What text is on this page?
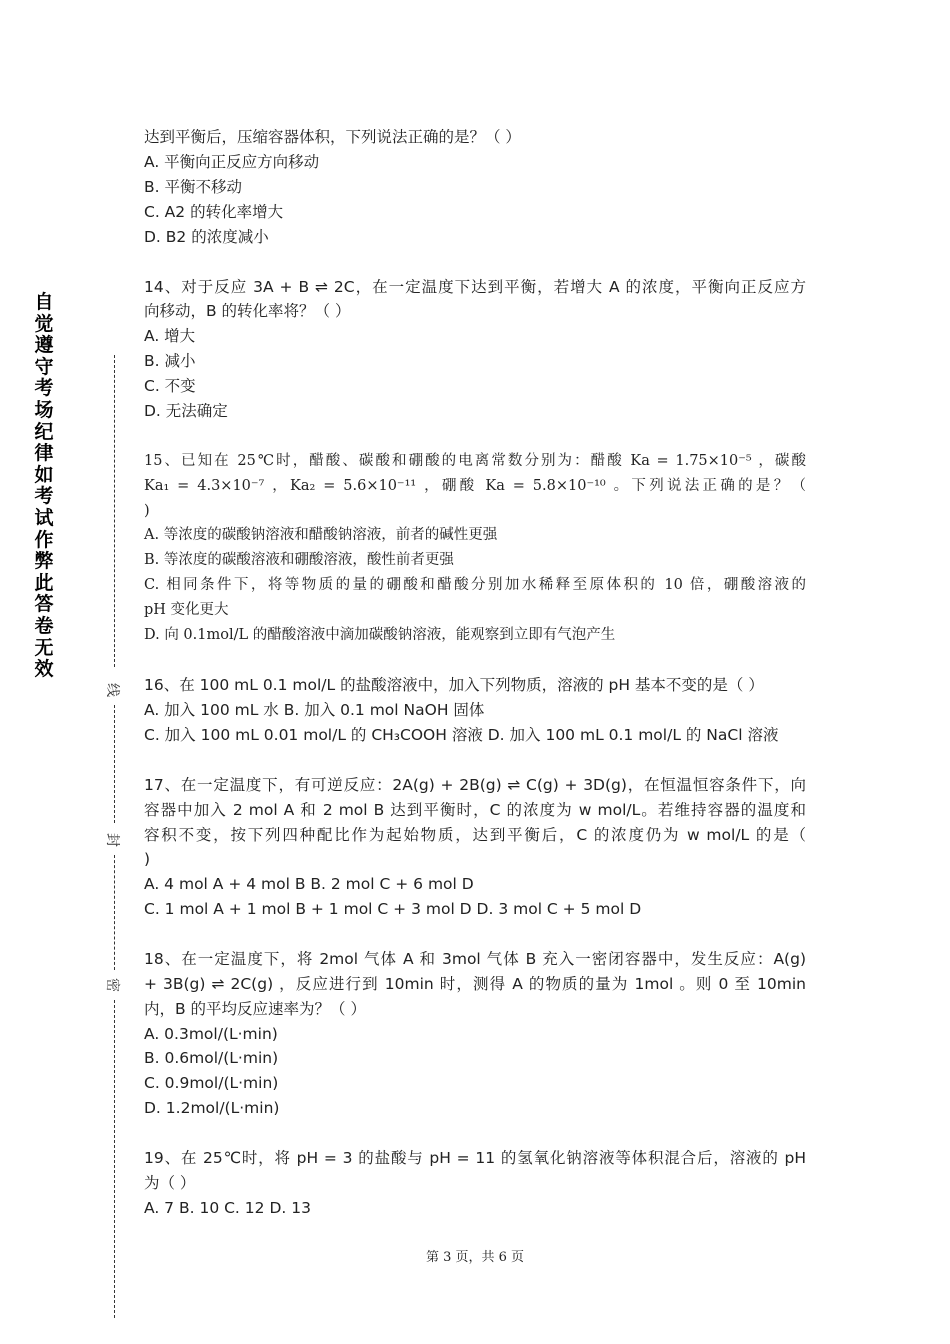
自觉遵守考场纪律如考试作弊此答卷无效
线
封
密
达到平衡后，压缩容器体积，下列说法正确的是？（ ）
A. 平衡向正反应方向移动
B. 平衡不移动
C. A2 的转化率增大
D. B2 的浓度减小
14、对于反应 3A + B ⇌ 2C，在一定温度下达到平衡，若增大 A 的浓度，平衡向正反应方
向移动，B 的转化率将？（ ）
A. 增大
B. 减小
C. 不变
D. 无法确定
15、已知在 25℃时，醋酸、碳酸和硼酸的电离常数分别为：醋酸 Ka = 1.75×10⁻⁵ ，碳酸
Ka₁ = 4.3×10⁻⁷ ，Ka₂ = 5.6×10⁻¹¹ ，硼酸 Ka = 5.8×10⁻¹⁰ 。下列说法正确的是？（
)
A. 等浓度的碳酸钠溶液和醋酸钠溶液，前者的碱性更强
B. 等浓度的碳酸溶液和硼酸溶液，酸性前者更强
C. 相同条件下，将等物质的量的硼酸和醋酸分别加水稀释至原体积的 10 倍，硼酸溶液的
pH 变化更大
D. 向 0.1mol/L 的醋酸溶液中滴加碳酸钠溶液，能观察到立即有气泡产生
16、在 100 mL 0.1 mol/L 的盐酸溶液中，加入下列物质，溶液的 pH 基本不变的是（ ）
A. 加入 100 mL 水 B. 加入 0.1 mol NaOH 固体
C. 加入 100 mL 0.01 mol/L 的 CH₃COOH 溶液 D. 加入 100 mL 0.1 mol/L 的 NaCl 溶液
17、在一定温度下，有可逆反应：2A(g) + 2B(g) ⇌ C(g) + 3D(g)，在恒温恒容条件下，向
容器中加入 2 mol A 和 2 mol B 达到平衡时，C 的浓度为 w mol/L。若维持容器的温度和
容积不变，按下列四种配比作为起始物质，达到平衡后，C 的浓度仍为 w mol/L 的是（
)
A. 4 mol A + 4 mol B B. 2 mol C + 6 mol D
C. 1 mol A + 1 mol B + 1 mol C + 3 mol D D. 3 mol C + 5 mol D
18、在一定温度下，将 2mol 气体 A 和 3mol 气体 B 充入一密闭容器中，发生反应：A(g)
+ 3B(g) ⇌ 2C(g) ，反应进行到 10min 时，测得 A 的物质的量为 1mol 。则 0 至 10min
内，B 的平均反应速率为？（ ）
A. 0.3mol/(L·min)
B. 0.6mol/(L·min)
C. 0.9mol/(L·min)
D. 1.2mol/(L·min)
19、在 25℃时，将 pH = 3 的盐酸与 pH = 11 的氢氧化钠溶液等体积混合后，溶液的 pH
为（ ）
A. 7 B. 10 C. 12 D. 13
第 3 页，共 6 页
